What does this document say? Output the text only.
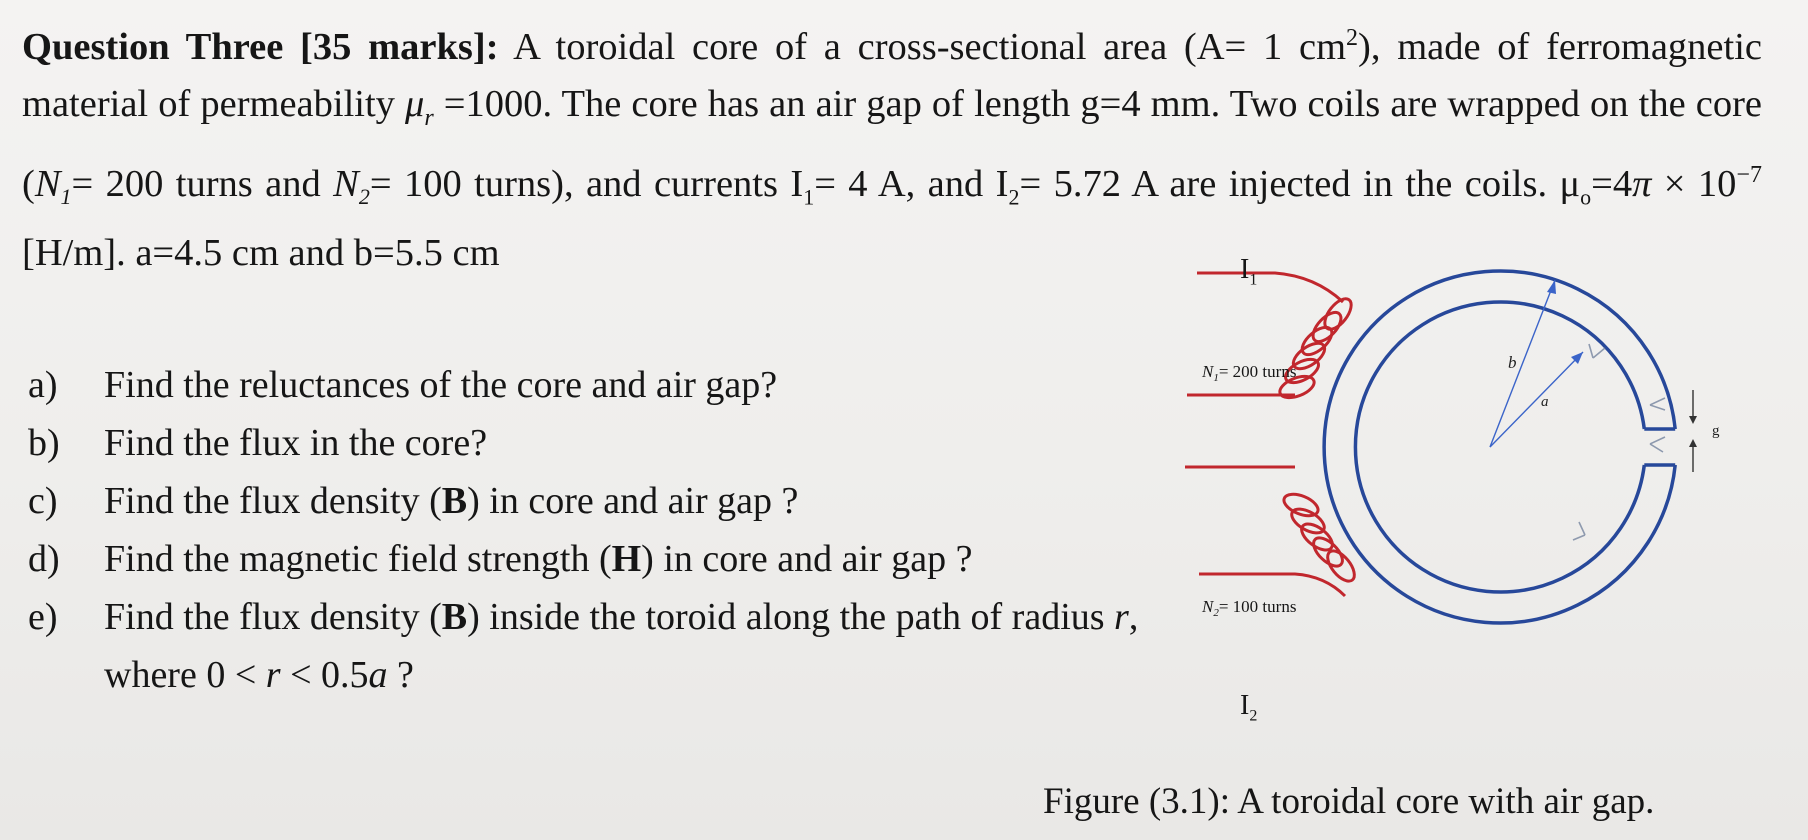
Question Three [35 marks]: A toroidal core of a cross-sectional area (A= 1 $cm^2$), made of ferromagnetic material of permeability $\mu_r =1000$. The core has an air gap of length g=4 mm. Two coils are wrapped on the core ($N_1= 200$ turns and $N_2= 100$ turns), and currents $I_1= 4$ A, and $I_2= 5.72$ A are injected in the coils. $\mu_o=4\pi \times 10^{-7}$ [H/m]. a=4.5 cm and b=5.5 cm
a) Find the reluctances of the core and air gap?
b) Find the flux in the core?
c) Find the flux density (B) in core and air gap ?
d) Find the magnetic field strength (H) in core and air gap ?
e) Find the flux density (B) inside the toroid along the path of radius r, where 0 < r < 0.5a ?
b
a
g
$I_1$
$I_2$
$N_1= 200$ turns
$N_2= 100$ turns
Figure (3.1): A toroidal core with air gap.
